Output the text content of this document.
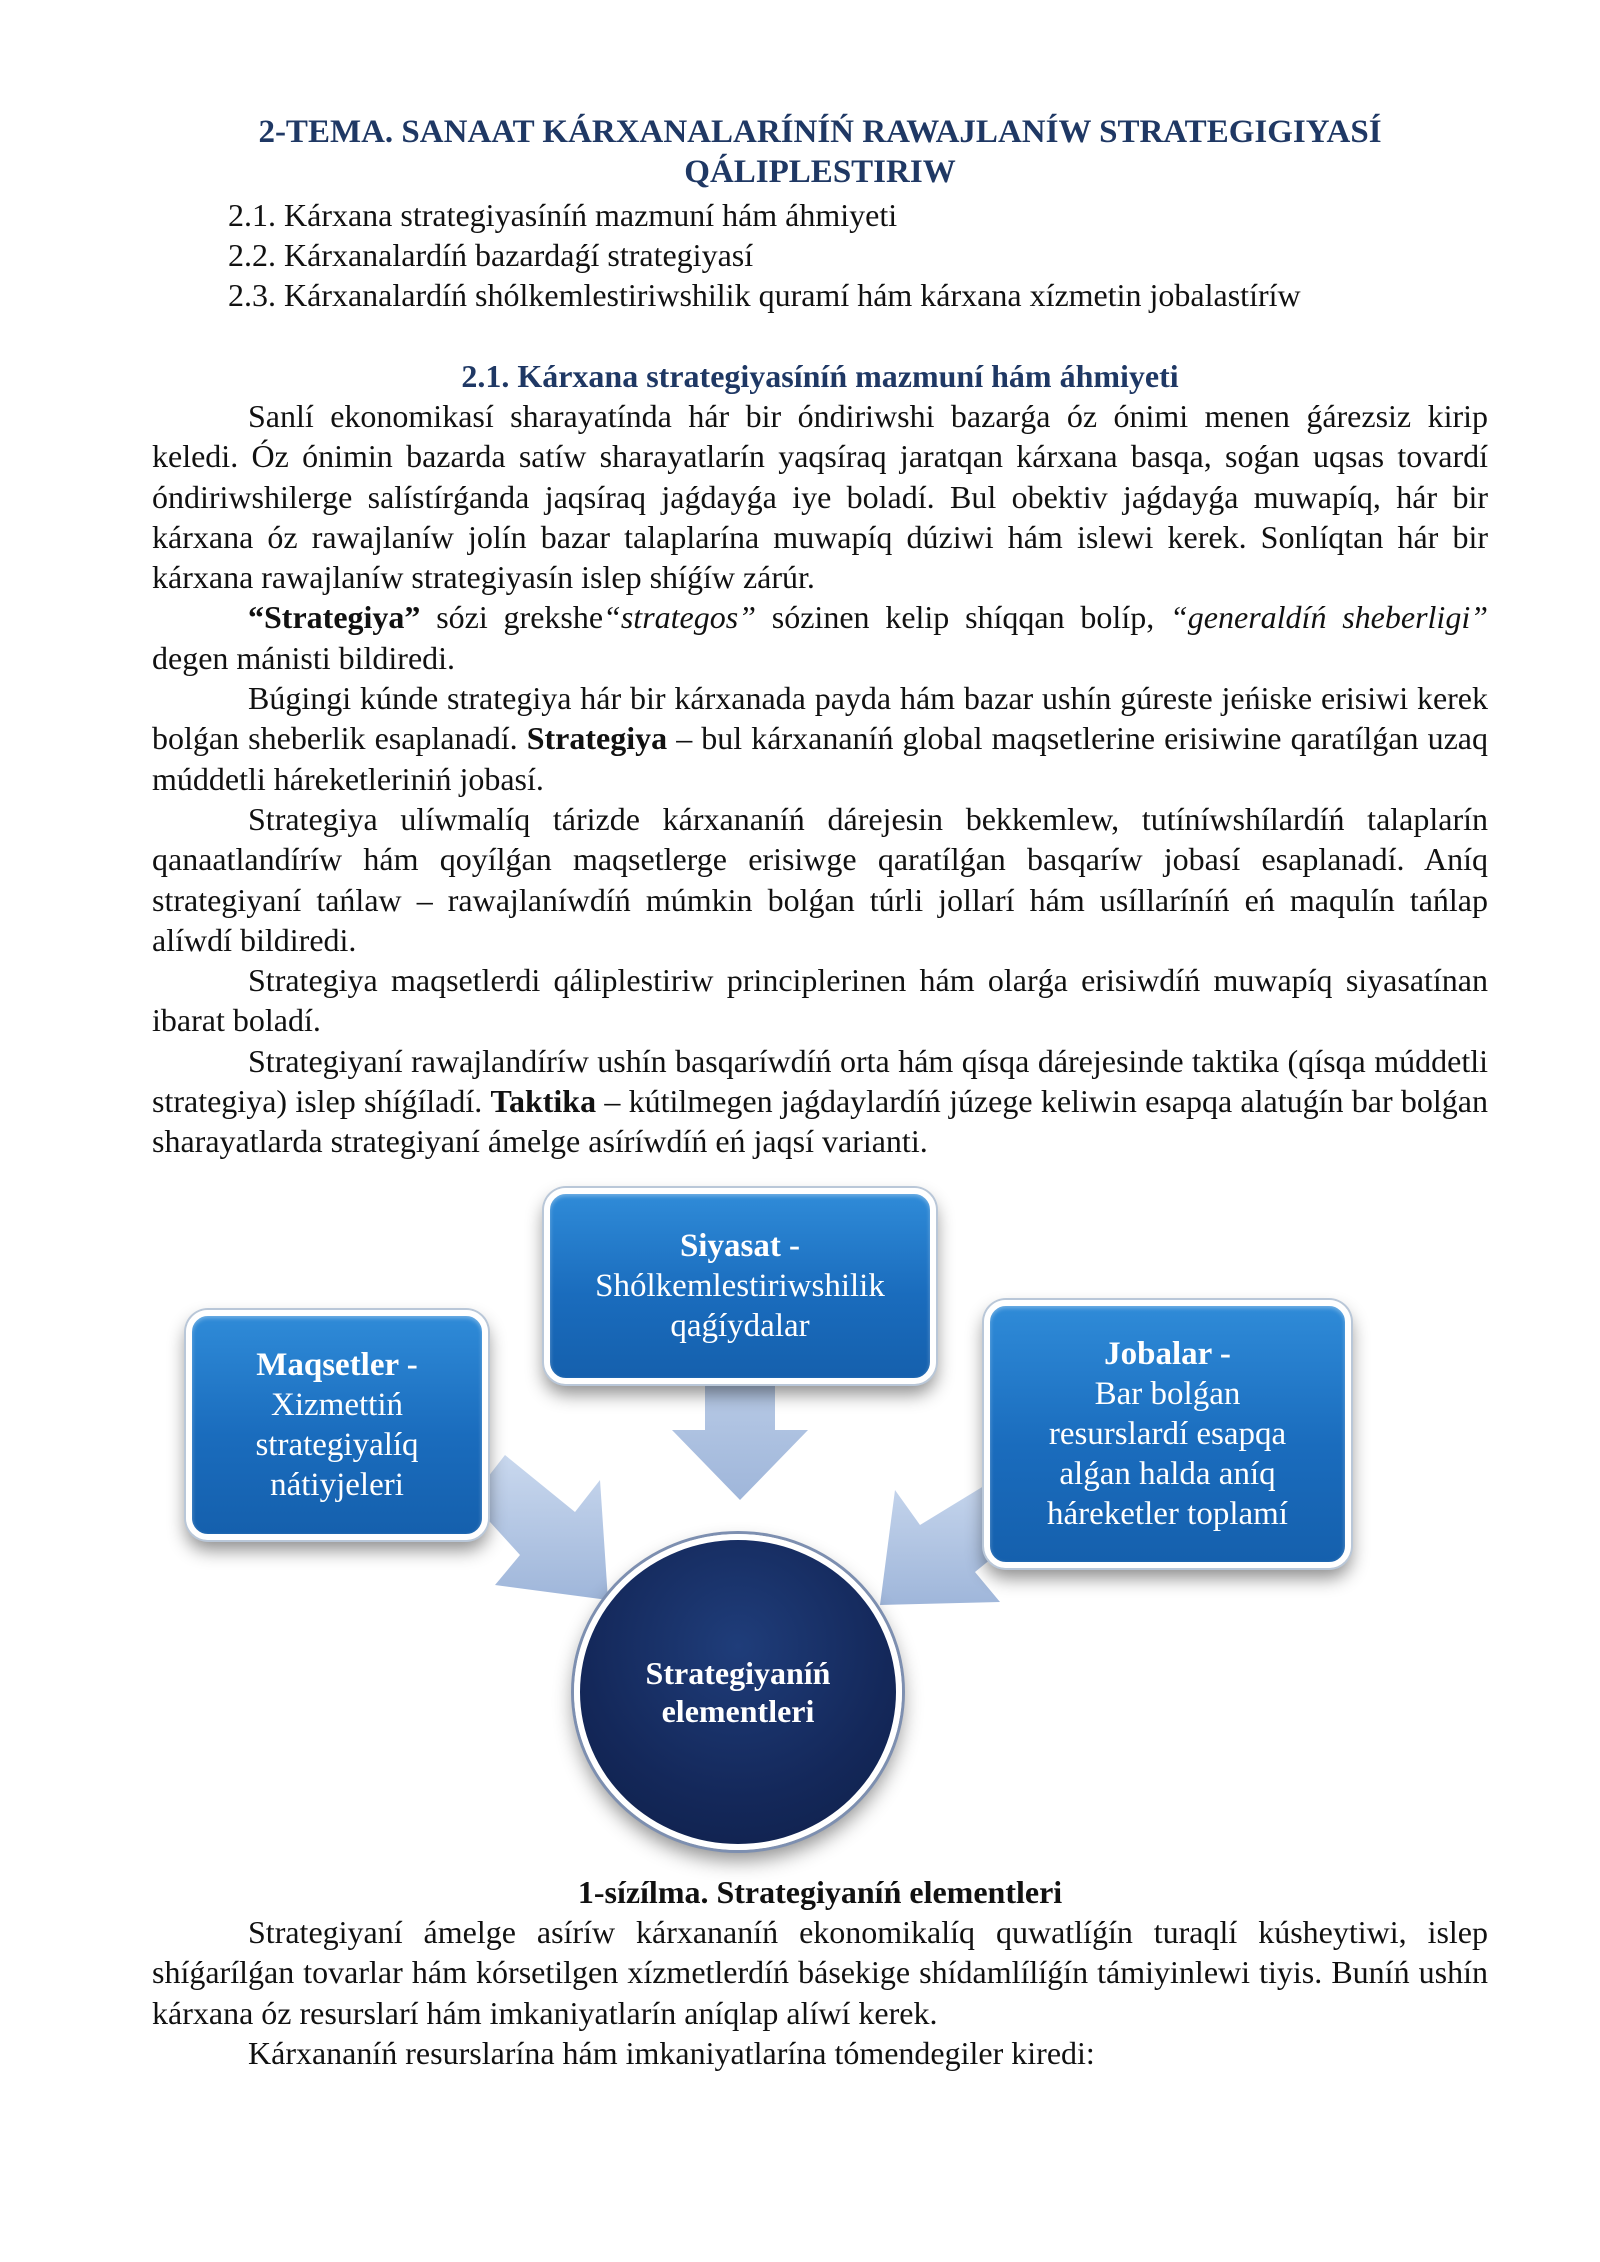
2-TEMA. SANAAT KÁRXANALARÍNÍŃ RAWAJLANÍW STRATEGIGIYASÍ
QÁLIPLESTIRIW
2.1. Kárxana strategiyasíníń mazmuní hám áhmiyeti
2.2. Kárxanalardíń bazardaǵí strategiyasí
2.3. Kárxanalardíń shólkemlestiriwshilik quramí hám kárxana xízmetin jobalastíríw
2.1. Kárxana strategiyasíníń mazmuní hám áhmiyeti

Sanlí ekonomikasí sharayatínda hár bir óndiriwshi bazarǵa óz ónimi menen ǵárezsiz kirip keledi. Óz ónimin bazarda satíw sharayatlarín yaqsíraq jaratqan kárxana basqa, soǵan uqsas tovardí óndiriwshilerge salístírǵanda jaqsíraq jaǵdayǵa iye boladí. Bul obektiv jaǵdayǵa muwapíq, hár bir kárxana óz rawajlaníw jolín bazar talaplarína muwapíq dúziwi hám islewi kerek. Sonlíqtan hár bir kárxana rawajlaníw strategiyasín islep shíǵíw zárúr.

“Strategiya” sózi grekshe“strategos” sózinen kelip shíqqan bolíp, “generaldíń sheberligi” degen mánisti bildiredi.

Búgingi kúnde strategiya hár bir kárxanada payda hám bazar ushín gúreste jeńiske erisiwi kerek bolǵan sheberlik esaplanadí. Strategiya – bul kárxananíń global maqsetlerine erisiwine qaratílǵan uzaq múddetli háreketleriniń jobasí.

Strategiya ulíwmalíq tárizde kárxananíń dárejesin bekkemlew, tutíníwshílardíń talaplarín qanaatlandíríw hám qoyílǵan maqsetlerge erisiwge qaratílǵan basqaríw jobasí esaplanadí. Aníq strategiyaní tańlaw – rawajlaníwdíń múmkin bolǵan túrli jollarí hám usíllaríníń eń maqulín tańlap alíwdí bildiredi.

Strategiya maqsetlerdi qáliplestiriw principlerinen hám olarǵa erisiwdíń muwapíq siyasatínan ibarat boladí.

Strategiyaní rawajlandíríw ushín basqaríwdíń orta hám qísqa dárejesinde taktika (qísqa múddetli strategiya) islep shíǵíladí. Taktika – kútilmegen jaǵdaylardíń júzege keliwin esapqa alatuǵín bar bolǵan sharayatlarda strategiyaní ámelge asíríwdíń eń jaqsí varianti.

Maqsetler -
Xizmettiń
strategiyalíq
nátiyjeleri
Siyasat -
Shólkemlestiriwshilik
qaǵíydalar
Jobalar -
Bar bolǵan
resurslardí esapqa
alǵan halda aníq
háreketler toplamí
Strategiyaníń
elementleri
1-sízílma. Strategiyaníń elementleri

Strategiyaní ámelge asíríw kárxananíń ekonomikalíq quwatlíǵín turaqlí kúsheytiwi, islep shíǵarílǵan tovarlar hám kórsetilgen xízmetlerdíń básekige shídamlílíǵín támiyinlewi tiyis. Buníń ushín kárxana óz resurslarí hám imkaniyatlarín aníqlap alíwí kerek.

Kárxananíń resurslarína hám imkaniyatlarína tómendegiler kiredi:
